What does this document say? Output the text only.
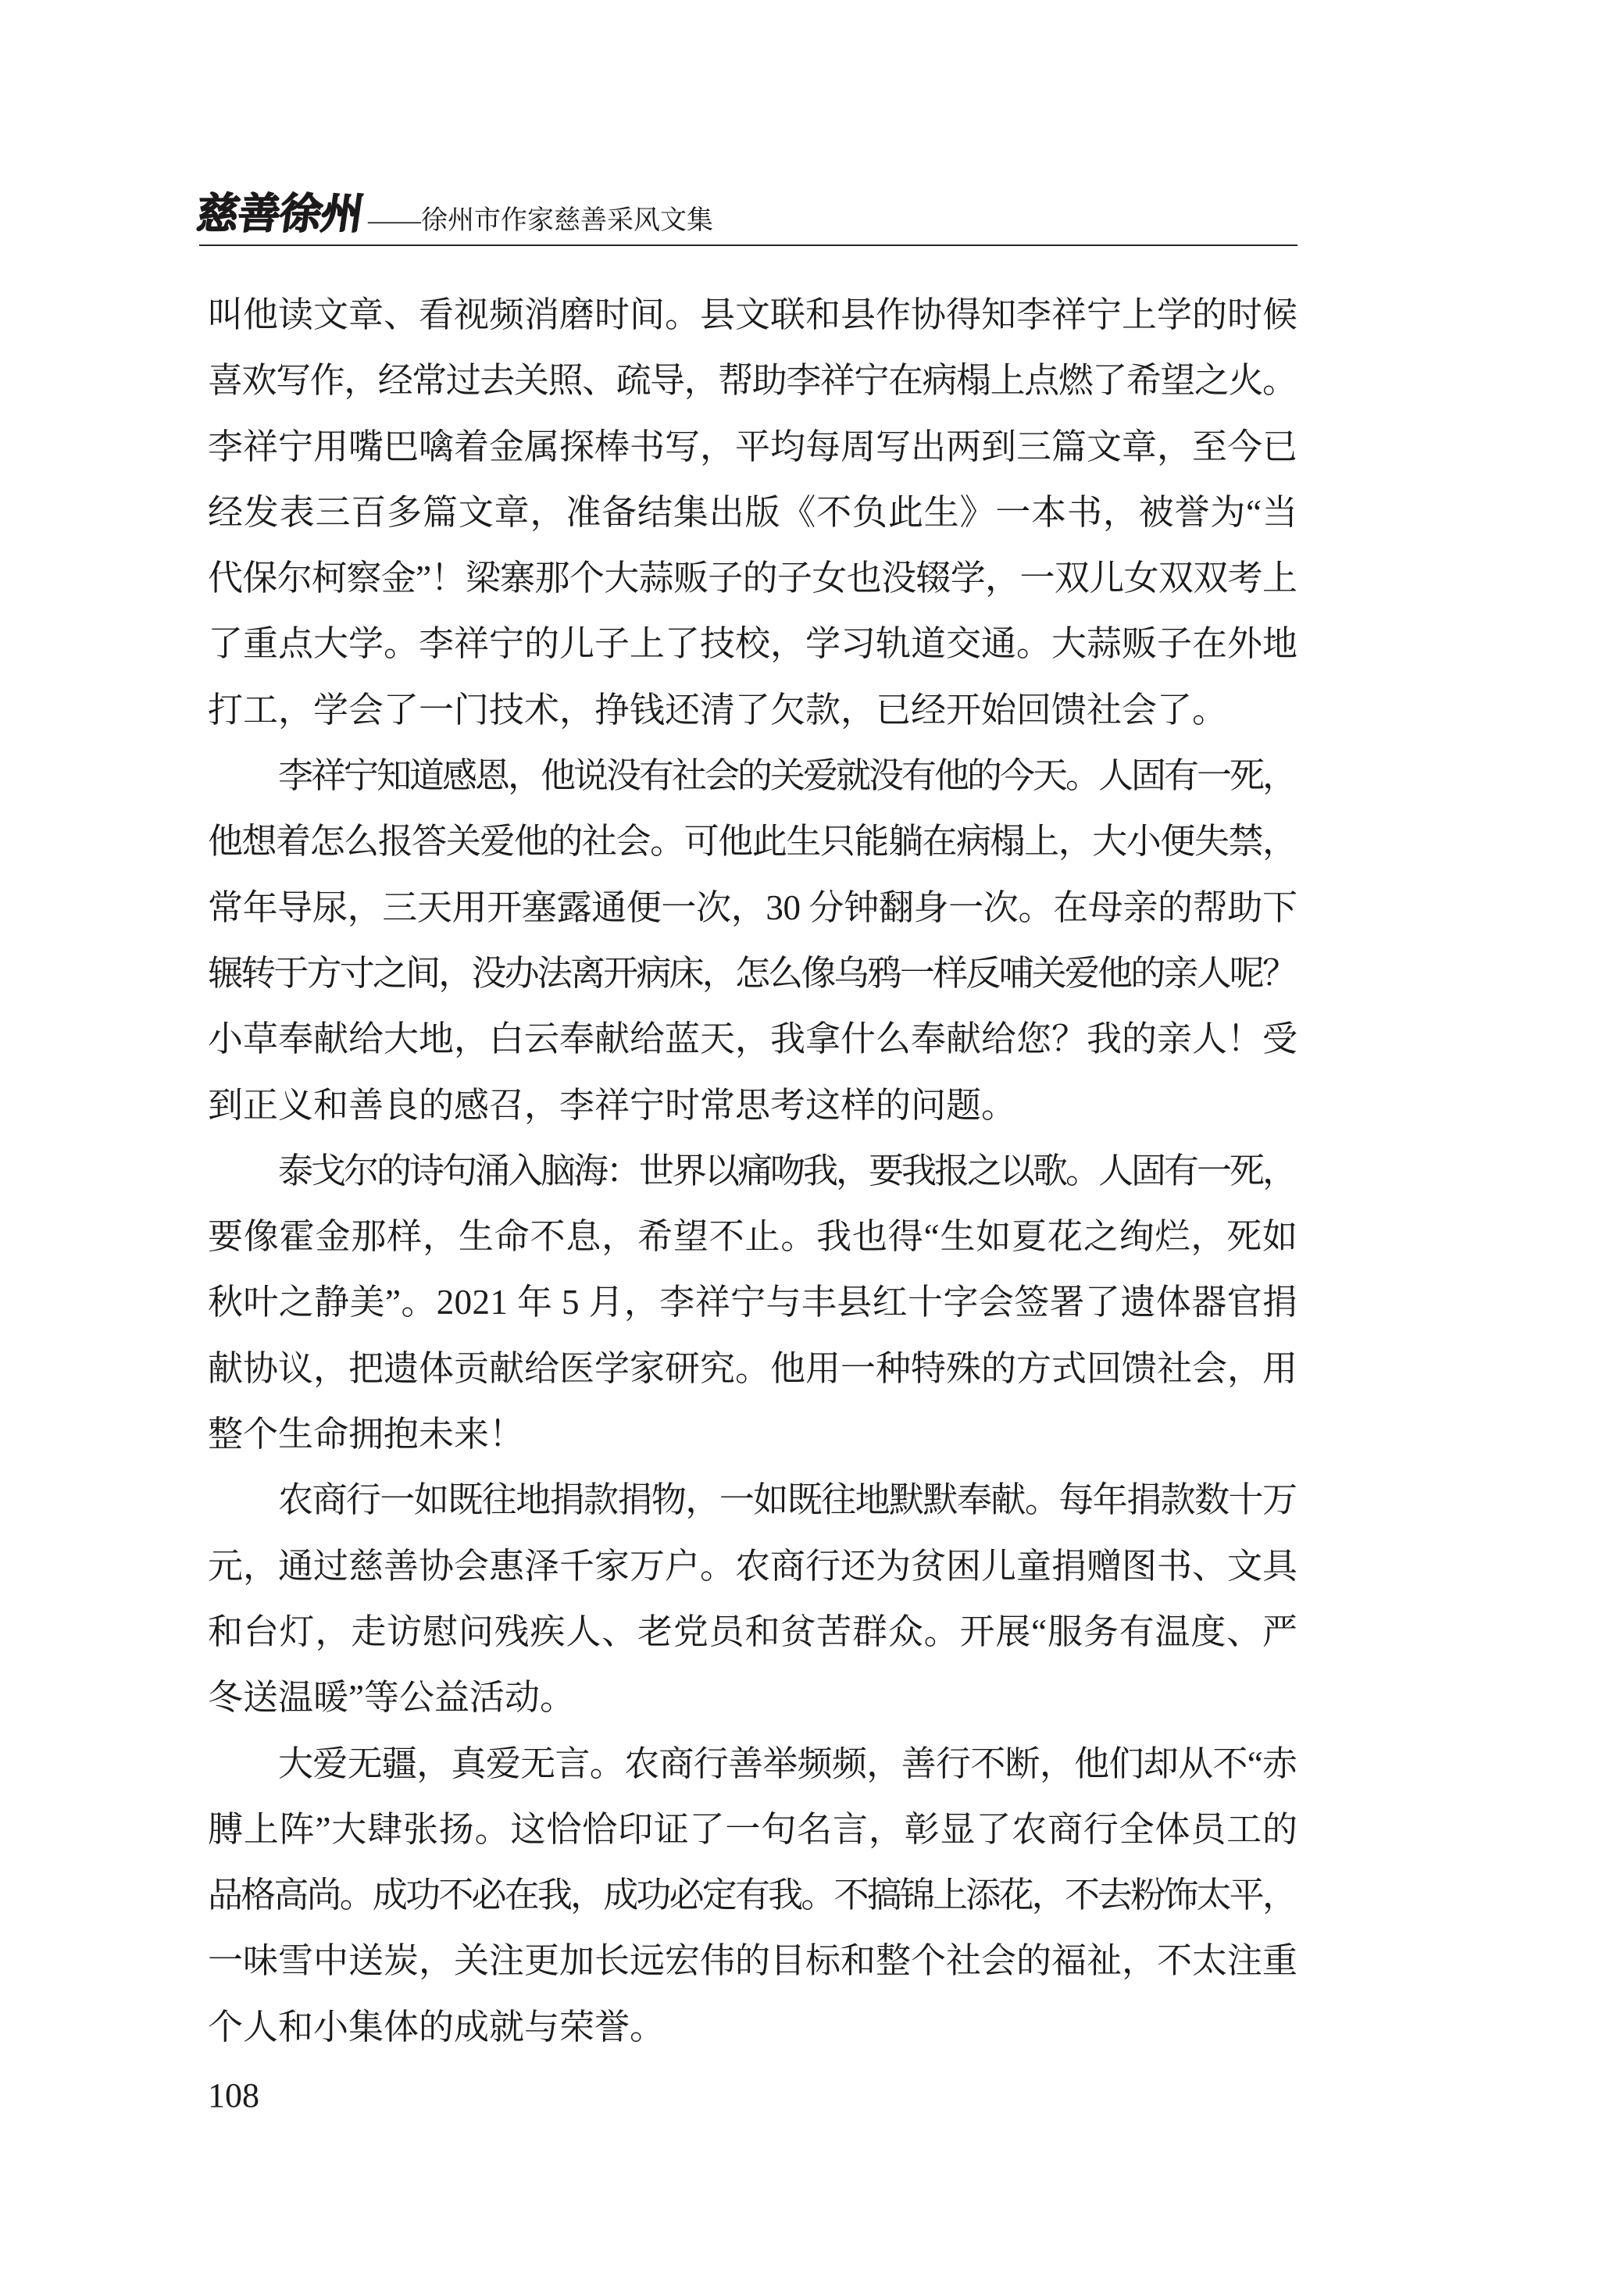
慈善徐州 ——徐州市作家慈善采风文集
叫他读文章、看视频消磨时间。县文联和县作协得知李祥宁上学的时候
喜欢写作，经常过去关照、疏导，帮助李祥宁在病榻上点燃了希望之火。
李祥宁用嘴巴噙着金属探棒书写，平均每周写出两到三篇文章，至今已
经发表三百多篇文章，准备结集出版《不负此生》一本书，被誉为“当
代保尔柯察金”！梁寨那个大蒜贩子的子女也没辍学，一双儿女双双考上
了重点大学。李祥宁的儿子上了技校，学习轨道交通。大蒜贩子在外地
打工，学会了一门技术，挣钱还清了欠款，已经开始回馈社会了。
李祥宁知道感恩，他说没有社会的关爱就没有他的今天。人固有一死，
他想着怎么报答关爱他的社会。可他此生只能躺在病榻上，大小便失禁，
常年导尿，三天用开塞露通便一次，30 分钟翻身一次。在母亲的帮助下
辗转于方寸之间，没办法离开病床，怎么像乌鸦一样反哺关爱他的亲人呢？
小草奉献给大地，白云奉献给蓝天，我拿什么奉献给您？我的亲人！受
到正义和善良的感召，李祥宁时常思考这样的问题。
泰戈尔的诗句涌入脑海：世界以痛吻我，要我报之以歌。人固有一死，
要像霍金那样，生命不息，希望不止。我也得“生如夏花之绚烂，死如
秋叶之静美”。2021 年 5 月，李祥宁与丰县红十字会签署了遗体器官捐
献协议，把遗体贡献给医学家研究。他用一种特殊的方式回馈社会，用
整个生命拥抱未来！
农商行一如既往地捐款捐物，一如既往地默默奉献。每年捐款数十万
元，通过慈善协会惠泽千家万户。农商行还为贫困儿童捐赠图书、文具
和台灯，走访慰问残疾人、老党员和贫苦群众。开展“服务有温度、严
冬送温暖”等公益活动。
大爱无疆，真爱无言。农商行善举频频，善行不断，他们却从不“赤
膊上阵”大肆张扬。这恰恰印证了一句名言，彰显了农商行全体员工的
品格高尚。成功不必在我，成功必定有我。不搞锦上添花，不去粉饰太平，
一味雪中送炭，关注更加长远宏伟的目标和整个社会的福祉，不太注重
个人和小集体的成就与荣誉。
108
